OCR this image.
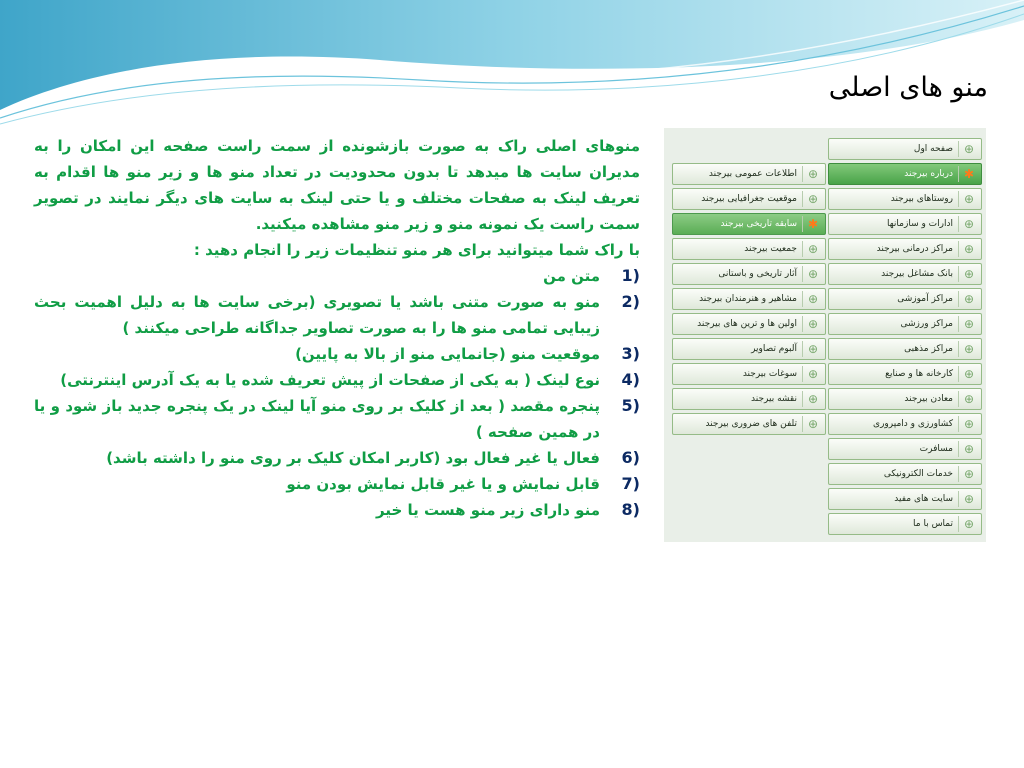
منو های اصلی

منوهای اصلی راک به صورت بازشونده از سمت راست صفحه این امکان را به مدیران سایت ها میدهد تا بدون محدودیت در تعداد منو ها و زیر منو ها اقدام به تعریف لینک به صفحات مختلف و یا حتی لینک به سایت های دیگر نمایند در تصویر سمت راست یک نمونه منو و زیر منو مشاهده میکنید.

با راک شما میتوانید برای هر منو تنظیمات زیر را انجام دهید :

1)
متن من
2)
منو به صورت متنی باشد یا تصویری (برخی سایت ها به دلیل اهمیت بحث زیبایی تمامی منو ها را به صورت تصاویر جداگانه طراحی میکنند )
3)
موقعیت منو (جانمایی منو از بالا به پایین)
4)
نوع لینک ( به یکی از صفحات از پیش تعریف شده یا به یک آدرس اینترنتی)
5)
پنجره مقصد ( بعد از کلیک بر روی منو آیا لینک در یک پنجره جدید باز شود و یا در همین صفحه )
6)
فعال یا غیر فعال بود (کاربر امکان کلیک بر روی منو را داشته باشد)
7)
قابل نمایش و یا غیر قابل نمایش بودن منو
8)
منو دارای زیر منو هست یا خیر
⊕
صفحه اول
✱
درباره بیرجند
⊕
روستاهای بیرجند
⊕
ادارات و سازمانها
⊕
مراکز درمانی بیرجند
⊕
بانک مشاغل بیرجند
⊕
مراکز آموزشی
⊕
مراکز ورزشی
⊕
مراکز مذهبی
⊕
کارخانه ها و صنایع
⊕
معادن بیرجند
⊕
کشاورزی و دامپروری
⊕
مسافرت
⊕
خدمات الکترونیکی
⊕
سایت های مفید
⊕
تماس با ما
⊕
اطلاعات عمومی بیرجند
⊕
موقعیت جغرافیایی بیرجند
✱
سابقه تاریخی بیرجند
⊕
جمعیت بیرجند
⊕
آثار تاریخی و باستانی
⊕
مشاهیر و هنرمندان بیرجند
⊕
اولین ها و ترین های بیرجند
⊕
آلبوم تصاویر
⊕
سوغات بیرجند
⊕
نقشه بیرجند
⊕
تلفن های ضروری بیرجند
